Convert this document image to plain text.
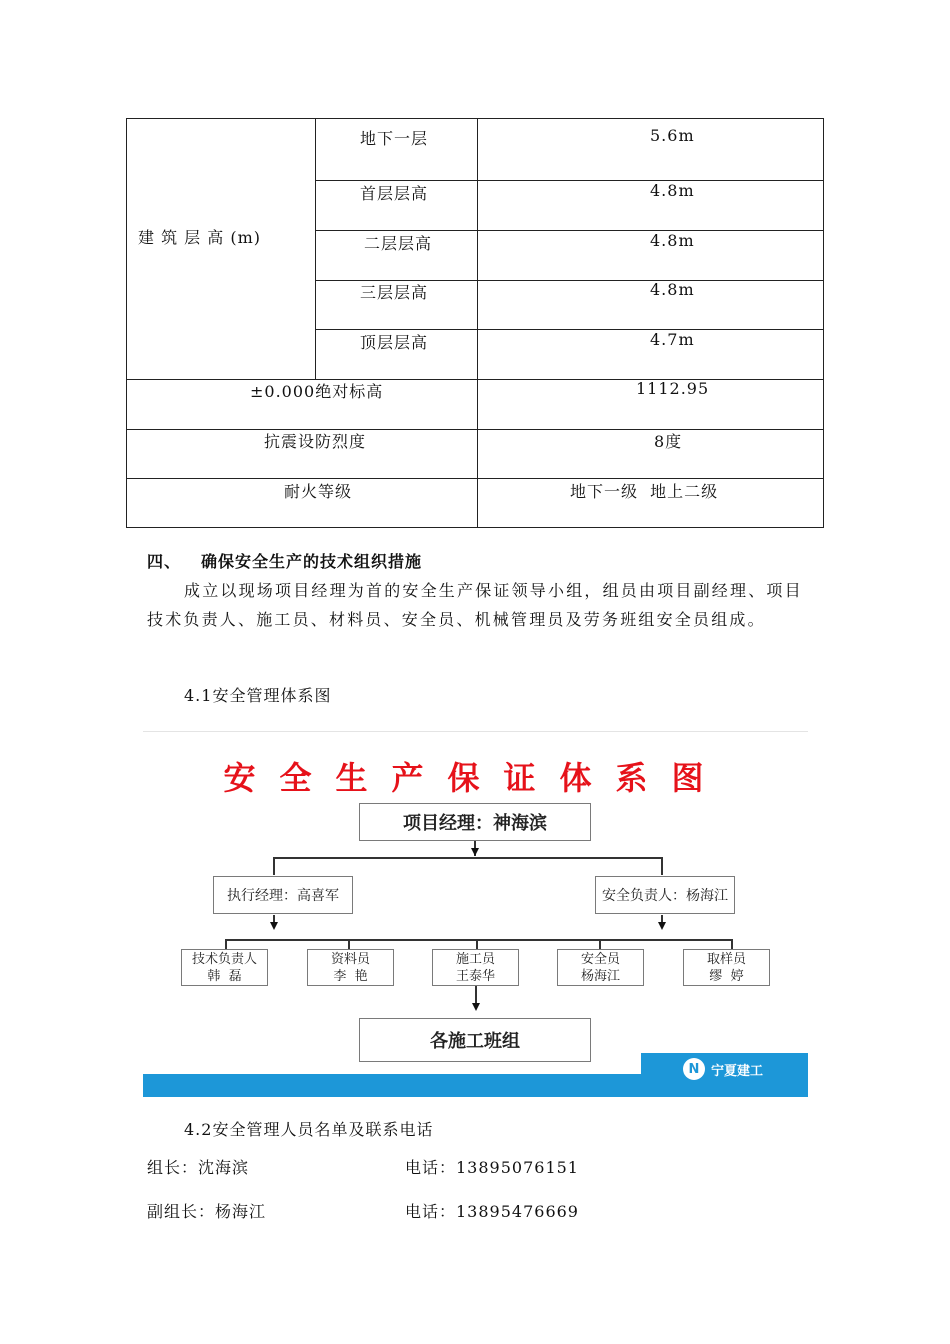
建 筑 层 高 (m)
地下一层	5.6m
首层层高	4.8m
二层层高	4.8m
三层层高	4.8m
顶层层高	4.7m
±0.000绝对标高	1112.95
抗震设防烈度	8度
耐火等级	地下一级  地上二级
四、 确保安全生产的技术组织措施
成立以现场项目经理为首的安全生产保证领导小组，组员由项目副经理、项目技术负责人、施工员、材料员、安全员、机械管理员及劳务班组安全员组成。
4.1安全管理体系图
安全生产保证体系图
项目经理：神海滨
执行经理：高喜军	安全负责人：杨海江
技术负责人
韩  磊
资料员
李  艳
施工员
王泰华
安全员
杨海江
取样员
缪  婷
各施工班组
N 宁夏建工
4.2安全管理人员名单及联系电话
组长：沈海滨	电话：13895076151
副组长：杨海江	电话：13895476669
